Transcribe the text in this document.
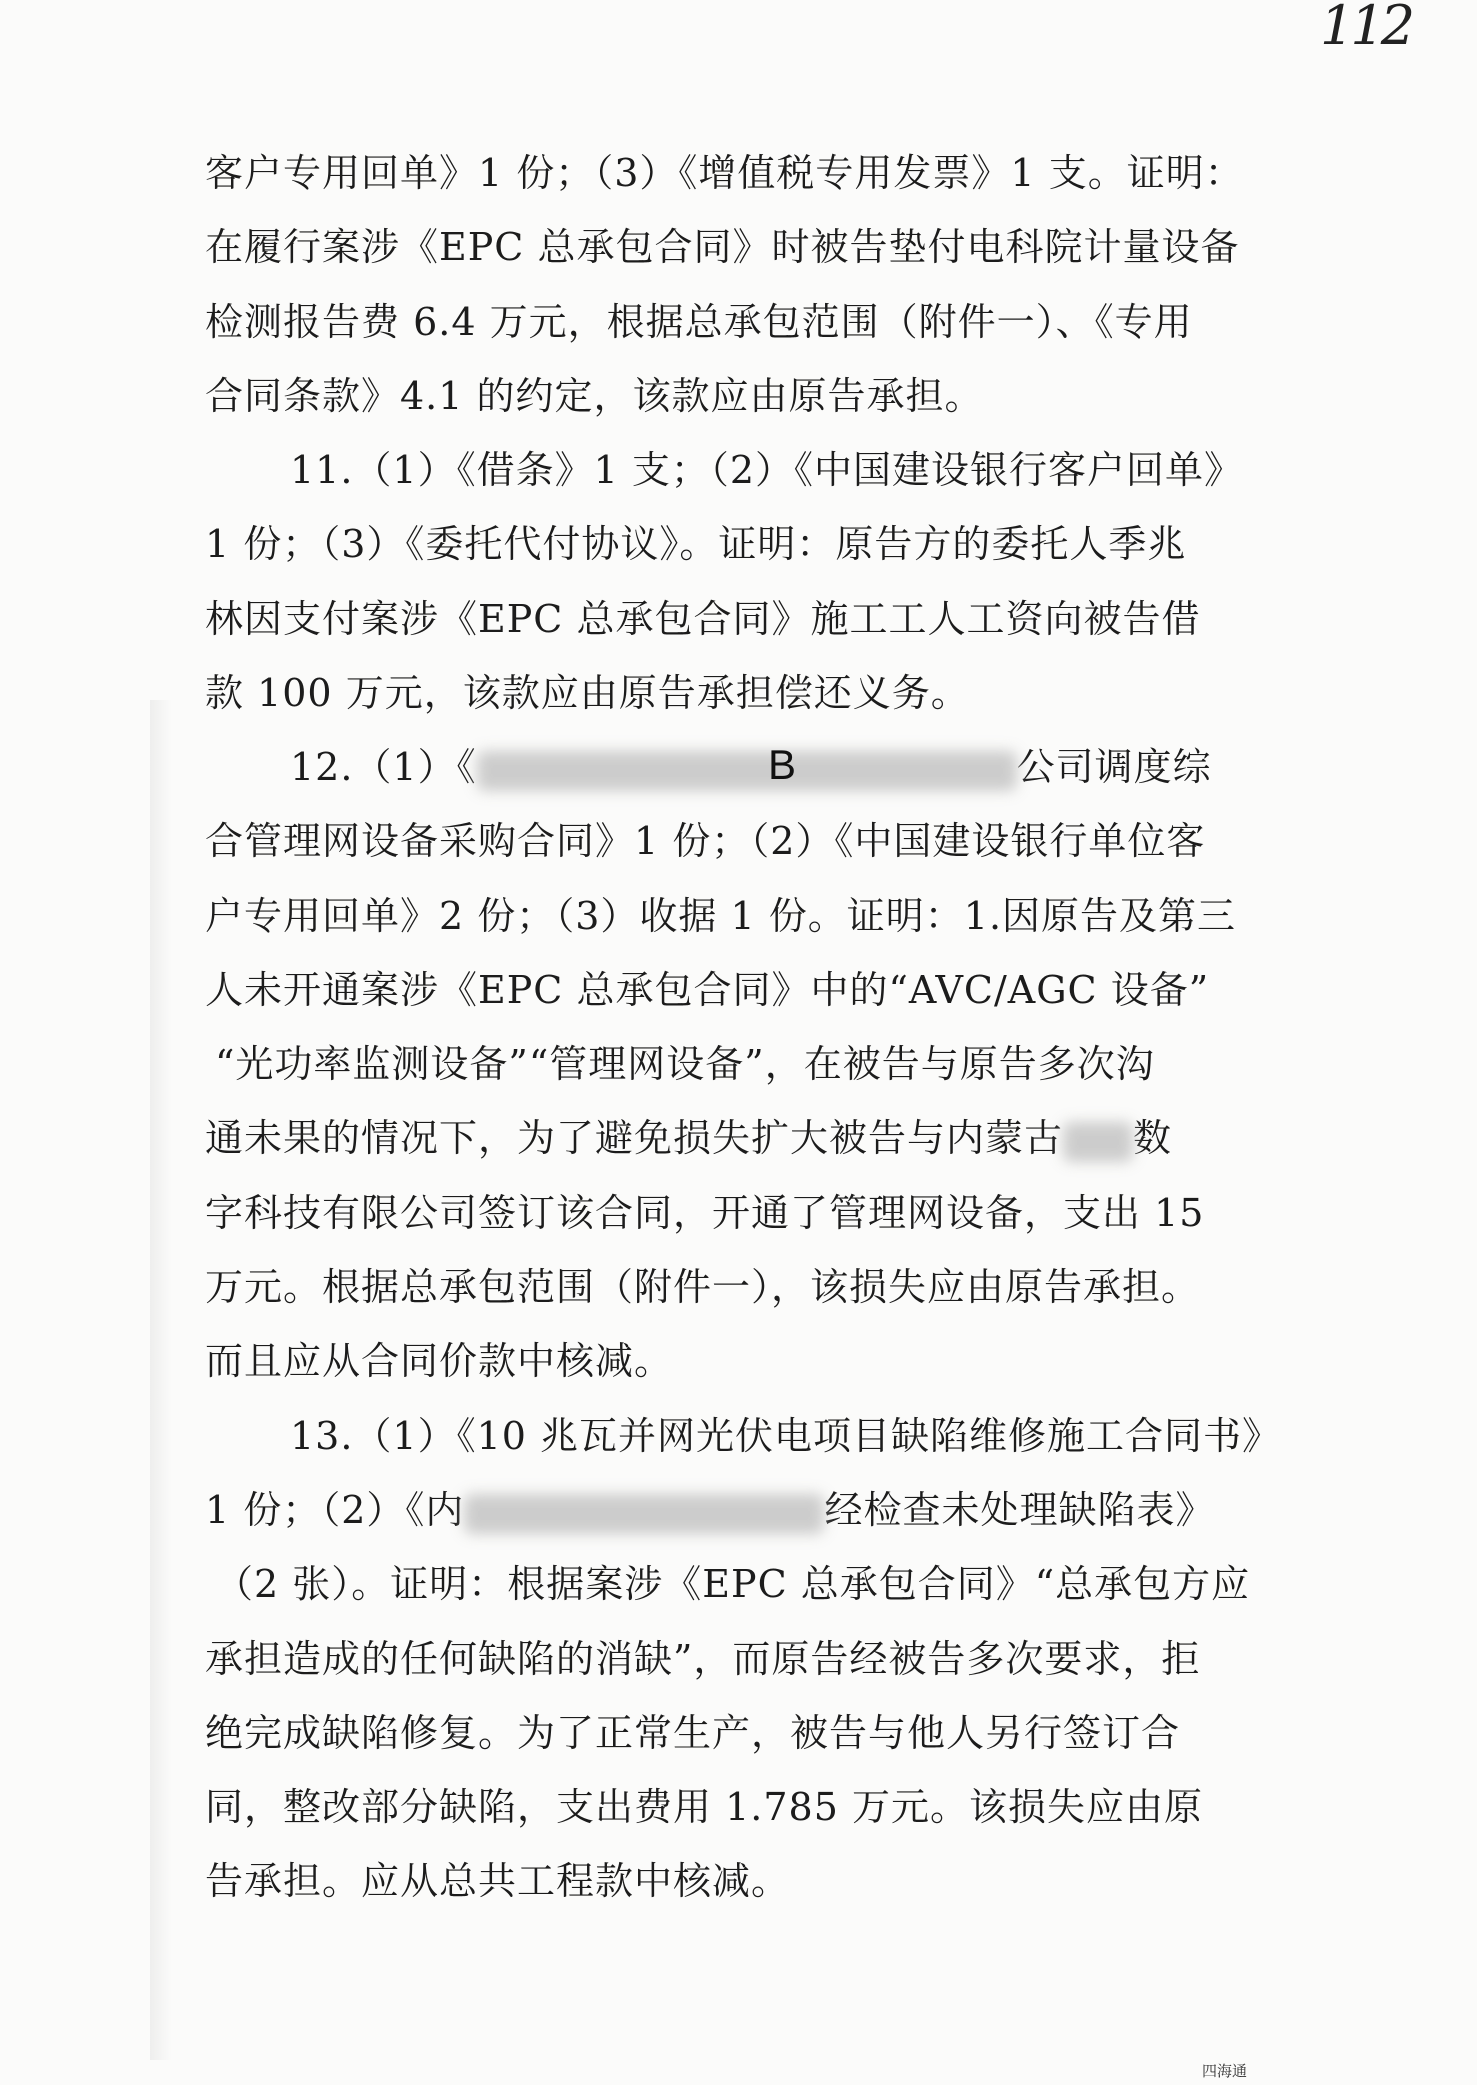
112
客户专用回单》1 份；（3）《增值税专用发票》1 支。证明：
在履行案涉《EPC 总承包合同》时被告垫付电科院计量设备
检测报告费 6.4 万元，根据总承包范围（附件一）、《专用
合同条款》4.1 的约定，该款应由原告承担。
11.（1）《借条》1 支；（2）《中国建设银行客户回单》
1 份；（3）《委托代付协议》。证明：原告方的委托人季兆
林因支付案涉《EPC 总承包合同》施工工人工资向被告借
款 100 万元，该款应由原告承担偿还义务。
12.（1）《	公司调度综
B
合管理网设备采购合同》1 份；（2）《中国建设银行单位客
户专用回单》2 份；（3）收据 1 份。证明：1.因原告及第三
人未开通案涉《EPC 总承包合同》中的“AVC/AGC 设备”
“光功率监测设备”“管理网设备”，在被告与原告多次沟
通未果的情况下，为了避免损失扩大被告与内蒙古 数
字科技有限公司签订该合同，开通了管理网设备，支出 15
万元。根据总承包范围（附件一），该损失应由原告承担。
而且应从合同价款中核减。
13.（1）《10 兆瓦并网光伏电项目缺陷维修施工合同书》
1 份；（2）《内	经检查未处理缺陷表》
（2 张）。证明：根据案涉《EPC 总承包合同》“总承包方应
承担造成的任何缺陷的消缺”，而原告经被告多次要求，拒
绝完成缺陷修复。为了正常生产，被告与他人另行签订合
同，整改部分缺陷，支出费用 1.785 万元。该损失应由原
告承担。应从总共工程款中核减。
四海通
